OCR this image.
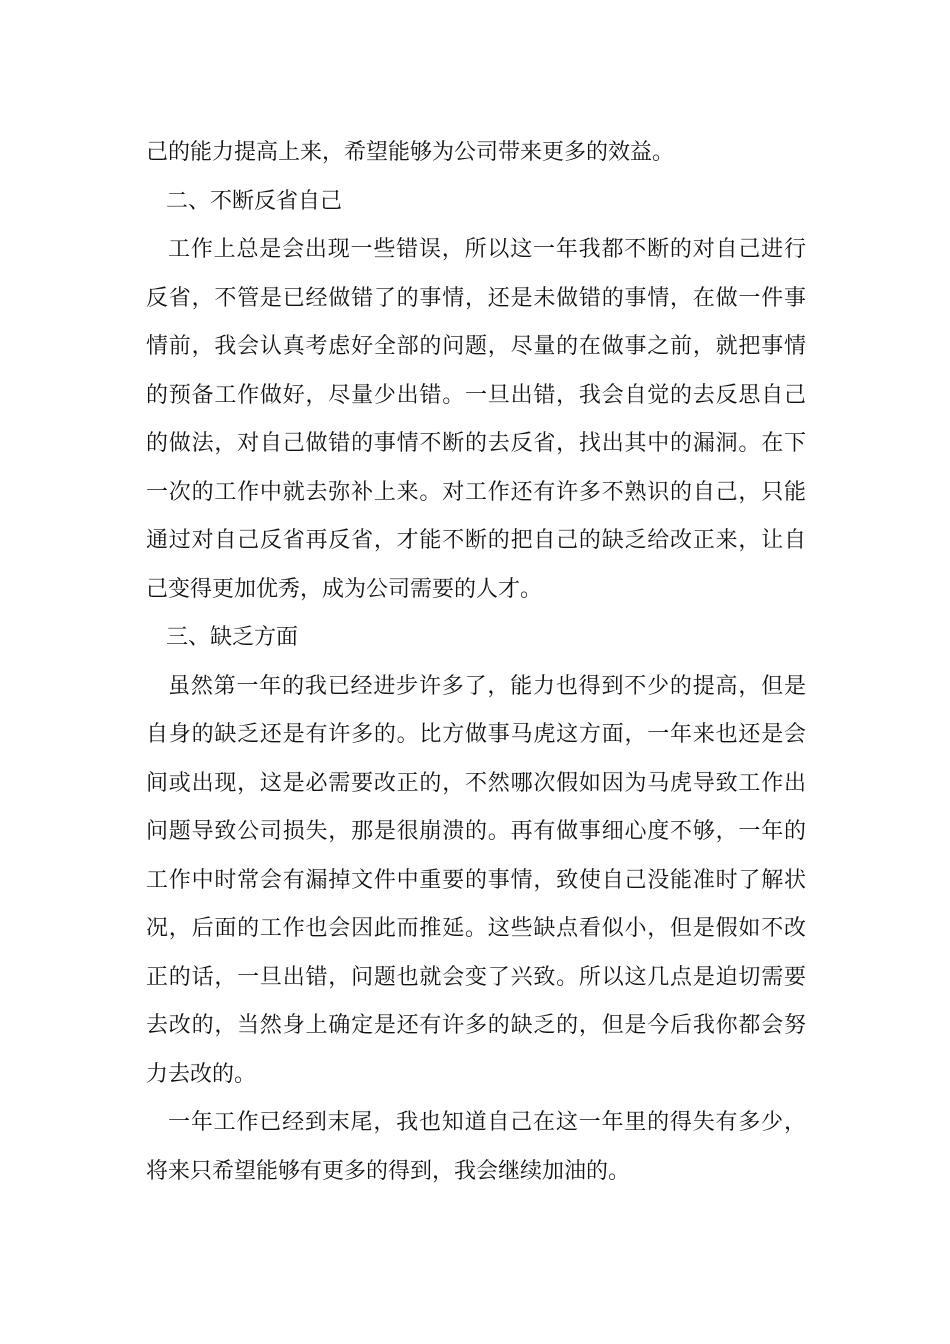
己的能力提高上来，希望能够为公司带来更多的效益。
二、不断反省自己
工作上总是会出现一些错误，所以这一年我都不断的对自己进行
反省，不管是已经做错了的事情，还是未做错的事情，在做一件事
情前，我会认真考虑好全部的问题，尽量的在做事之前，就把事情
的预备工作做好，尽量少出错。一旦出错，我会自觉的去反思自己
的做法，对自己做错的事情不断的去反省，找出其中的漏洞。在下
一次的工作中就去弥补上来。对工作还有许多不熟识的自己，只能
通过对自己反省再反省，才能不断的把自己的缺乏给改正来，让自
己变得更加优秀，成为公司需要的人才。
三、缺乏方面
虽然第一年的我已经进步许多了，能力也得到不少的提高，但是
自身的缺乏还是有许多的。比方做事马虎这方面，一年来也还是会
间或出现，这是必需要改正的，不然哪次假如因为马虎导致工作出
问题导致公司损失，那是很崩溃的。再有做事细心度不够，一年的
工作中时常会有漏掉文件中重要的事情，致使自己没能准时了解状
况，后面的工作也会因此而推延。这些缺点看似小，但是假如不改
正的话，一旦出错，问题也就会变了兴致。所以这几点是迫切需要
去改的，当然身上确定是还有许多的缺乏的，但是今后我你都会努
力去改的。
一年工作已经到末尾，我也知道自己在这一年里的得失有多少，
将来只希望能够有更多的得到，我会继续加油的。
